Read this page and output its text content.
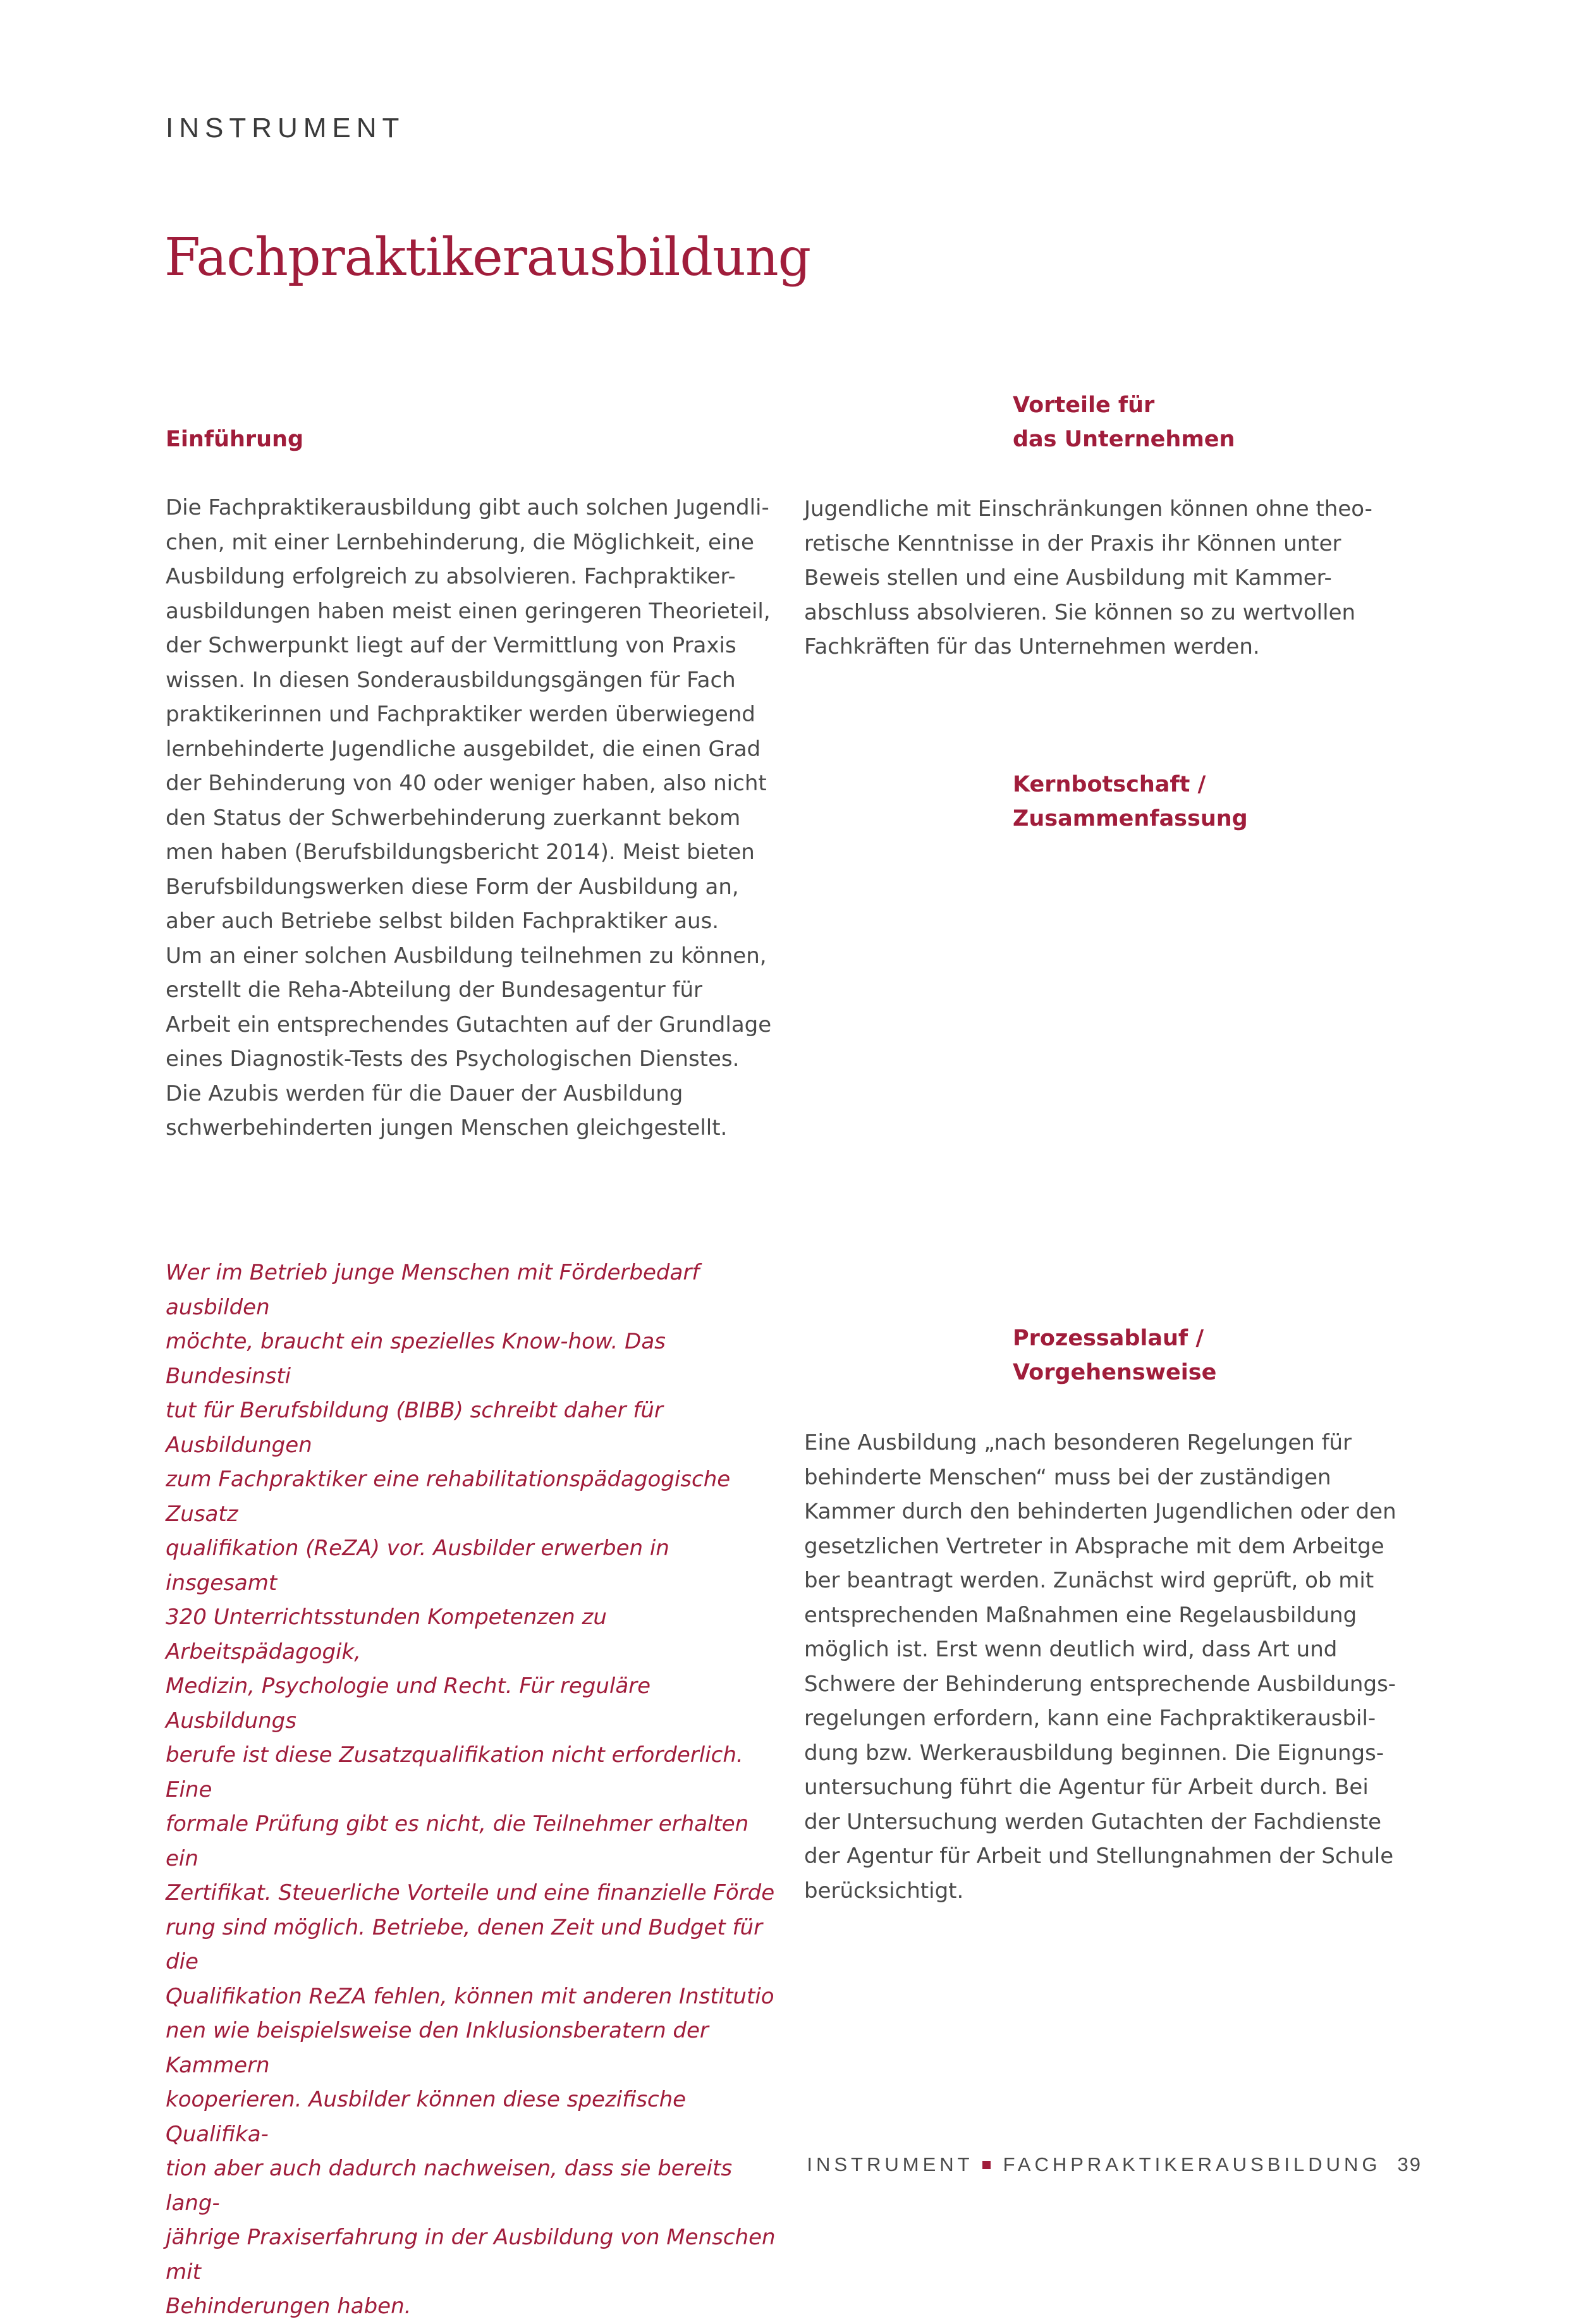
INSTRUMENT
Fachpraktikerausbildung
Einführung
Die Fachpraktikerausbildung gibt auch solchen Jugendli-
chen, mit einer Lernbehinderung, die Möglichkeit, eine
Ausbildung erfolgreich zu absolvieren. Fachpraktiker-
ausbildungen haben meist einen geringeren Theorieteil,
der Schwerpunkt liegt auf der Vermittlung von Praxis
wissen. In diesen Sonderausbildungsgängen für Fach
praktikerinnen und Fachpraktiker werden überwiegend
lernbehinderte Jugendliche ausgebildet, die einen Grad
der Behinderung von 40 oder weniger haben, also nicht
den Status der Schwerbehinderung zuerkannt bekom
men haben (Berufsbildungsbericht 2014). Meist bieten
Berufsbildungswerken diese Form der Ausbildung an,
aber auch Betriebe selbst bilden Fachpraktiker aus.
Um an einer solchen Ausbildung teilnehmen zu können,
erstellt die Reha-Abteilung der Bundesagentur für
Arbeit ein entsprechendes Gutachten auf der Grundlage
eines Diagnostik-Tests des Psychologischen Dienstes.
Die Azubis werden für die Dauer der Ausbildung
schwerbehinderten jungen Menschen gleichgestellt.
Vorteile für
das Unternehmen
Jugendliche mit Einschränkungen können ohne theo-
retische Kenntnisse in der Praxis ihr Können unter
Beweis stellen und eine Ausbildung mit Kammer-
abschluss absolvieren. Sie können so zu wertvollen
Fachkräften für das Unternehmen werden.
Kernbotschaft /
Zusammenfassung
Wer im Betrieb junge Menschen mit Förderbedarf ausbilden
möchte, braucht ein spezielles Know-how. Das Bundesinsti
tut für Berufsbildung (BIBB) schreibt daher für Ausbildungen
zum Fachpraktiker eine rehabilitationspädagogische Zusatz
qualifikation (ReZA) vor. Ausbilder erwerben in insgesamt
320 Unterrichtsstunden Kompetenzen zu Arbeitspädagogik,
Medizin, Psychologie und Recht. Für reguläre Ausbildungs
berufe ist diese Zusatzqualifikation nicht erforderlich. Eine
formale Prüfung gibt es nicht, die Teilnehmer erhalten ein
Zertifikat. Steuerliche Vorteile und eine finanzielle Förde
rung sind möglich. Betriebe, denen Zeit und Budget für die
Qualifikation ReZA fehlen, können mit anderen Institutio
nen wie beispielsweise den Inklusionsberatern der Kammern
kooperieren. Ausbilder können diese spezifische Qualifika-
tion aber auch dadurch nachweisen, dass sie bereits lang-
jährige Praxiserfahrung in der Ausbildung von Menschen mit
Behinderungen haben.
Prozessablauf /
Vorgehensweise
Eine Ausbildung „nach besonderen Regelungen für
behinderte Menschen“ muss bei der zuständigen
Kammer durch den behinderten Jugendlichen oder den
gesetzlichen Vertreter in Absprache mit dem Arbeitge
ber beantragt werden. Zunächst wird geprüft, ob mit
entsprechenden Maßnahmen eine Regelausbildung
möglich ist. Erst wenn deutlich wird, dass Art und
Schwere der Behinderung entsprechende Ausbildungs-
regelungen erfordern, kann eine Fachpraktikerausbil-
dung bzw. Werkerausbildung beginnen. Die Eignungs-
untersuchung führt die Agentur für Arbeit durch. Bei
der Untersuchung werden Gutachten der Fachdienste
der Agentur für Arbeit und Stellungnahmen der Schule
berücksichtigt.
INSTRUMENT FACHPRAKTIKERAUSBILDUNG 39
